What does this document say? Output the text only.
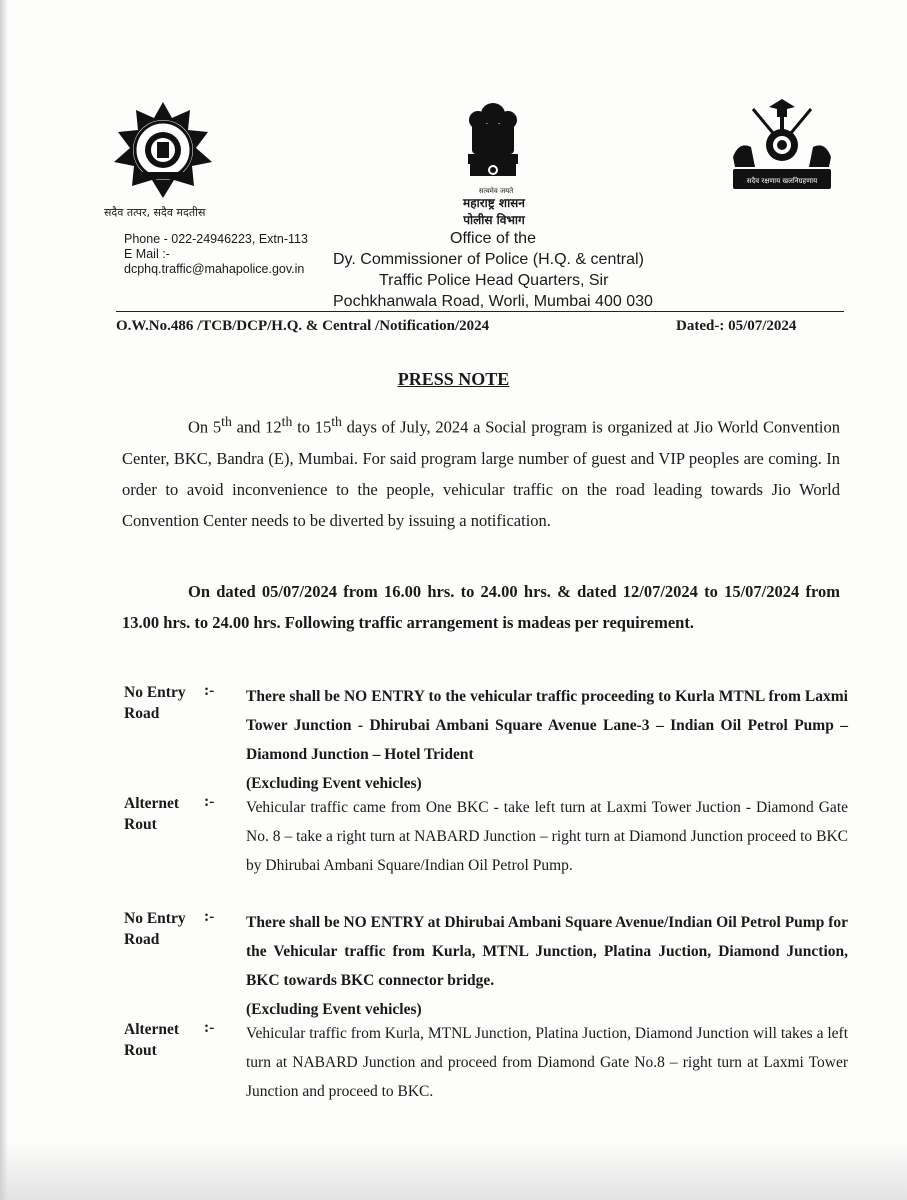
सदैव रक्षणाय खलनिग्रहणाय
सदैव तत्पर, सदैव मदतीस
सत्यमेव जयते
महाराष्ट्र शासन
पोलीस विभाग
Phone - 022-24946223, Extn-113
E Mail :-
dcphq.traffic@mahapolice.gov.in
Office of the
Dy. Commissioner of Police (H.Q. & central)
Traffic Police Head Quarters, Sir
Pochkhanwala Road, Worli, Mumbai 400 030
O.W.No.486 /TCB/DCP/H.Q. & Central /Notification/2024	Dated-: 05/07/2024
PRESS NOTE
On 5th and 12th to 15th days of July, 2024 a Social program is organized at Jio World Convention Center, BKC, Bandra (E), Mumbai. For said program large number of guest and VIP peoples are coming. In order to avoid inconvenience to the people, vehicular traffic on the road leading towards Jio World Convention Center needs to be diverted by issuing a notification.
On dated 05/07/2024 from 16.00 hrs. to 24.00 hrs. & dated 12/07/2024 to 15/07/2024 from 13.00 hrs. to 24.00 hrs. Following traffic arrangement is madeas per requirement.
No Entry Road
:- There shall be NO ENTRY to the vehicular traffic proceeding to Kurla MTNL from Laxmi Tower Junction - Dhirubai Ambani Square Avenue Lane-3 – Indian Oil Petrol Pump – Diamond Junction – Hotel Trident
(Excluding Event vehicles)
Alternet Rout
:- Vehicular traffic came from One BKC - take left turn at Laxmi Tower Juction - Diamond Gate No. 8 – take a right turn at NABARD Junction – right turn at Diamond Junction proceed to BKC by Dhirubai Ambani Square/Indian Oil Petrol Pump.
No Entry Road
:- There shall be NO ENTRY at Dhirubai Ambani Square Avenue/Indian Oil Petrol Pump for the Vehicular traffic from Kurla, MTNL Junction, Platina Juction, Diamond Junction, BKC towards BKC connector bridge.
(Excluding Event vehicles)
Alternet Rout
:- Vehicular traffic from Kurla, MTNL Junction, Platina Juction, Diamond Junction will takes a left turn at NABARD Junction and proceed from Diamond Gate No.8 – right turn at Laxmi Tower Junction and proceed to BKC.
